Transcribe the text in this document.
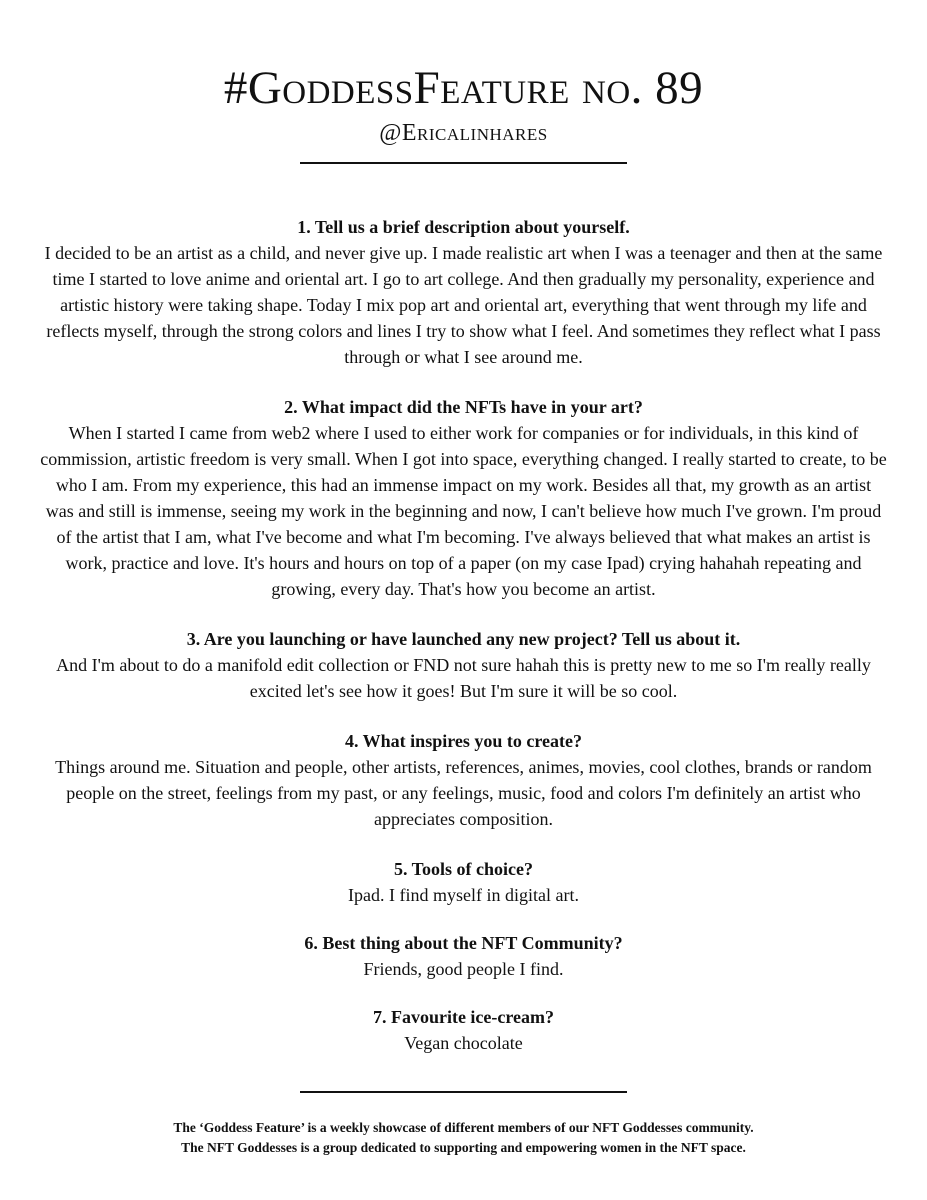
#GoddessFeature no. 89
@Ericalinhares

1. Tell us a brief description about yourself.

I decided to be an artist as a child, and never give up. I made realistic art when I was a teenager and then at the same time I started to love anime and oriental art. I go to art college. And then gradually my personality, experience and artistic history were taking shape. Today I mix pop art and oriental art, everything that went through my life and reflects myself, through the strong colors and lines I try to show what I feel. And sometimes they reflect what I pass through or what I see around me.

2. What impact did the NFTs have in your art?

When I started I came from web2 where I used to either work for companies or for individuals, in this kind of commission, artistic freedom is very small. When I got into space, everything changed. I really started to create, to be who I am. From my experience, this had an immense impact on my work. Besides all that, my growth as an artist was and still is immense, seeing my work in the beginning and now, I can't believe how much I've grown. I'm proud of the artist that I am, what I've become and what I'm becoming. I've always believed that what makes an artist is work, practice and love. It's hours and hours on top of a paper (on my case Ipad) crying hahahah repeating and growing, every day. That's how you become an artist.

3. Are you launching or have launched any new project? Tell us about it.

And I'm about to do a manifold edit collection or FND not sure hahah this is pretty new to me so I'm really really excited let's see how it goes! But I'm sure it will be so cool.

4. What inspires you to create?

Things around me. Situation and people, other artists, references, animes, movies, cool clothes, brands or random people on the street, feelings from my past, or any feelings, music, food and colors I'm definitely an artist who appreciates composition.

5. Tools of choice?

Ipad. I find myself in digital art.

6. Best thing about the NFT Community?

Friends, good people I find.

7. Favourite ice-cream?

Vegan chocolate

The ‘Goddess Feature’ is a weekly showcase of different members of our NFT Goddesses community.

The NFT Goddesses is a group dedicated to supporting and empowering women in the NFT space.
